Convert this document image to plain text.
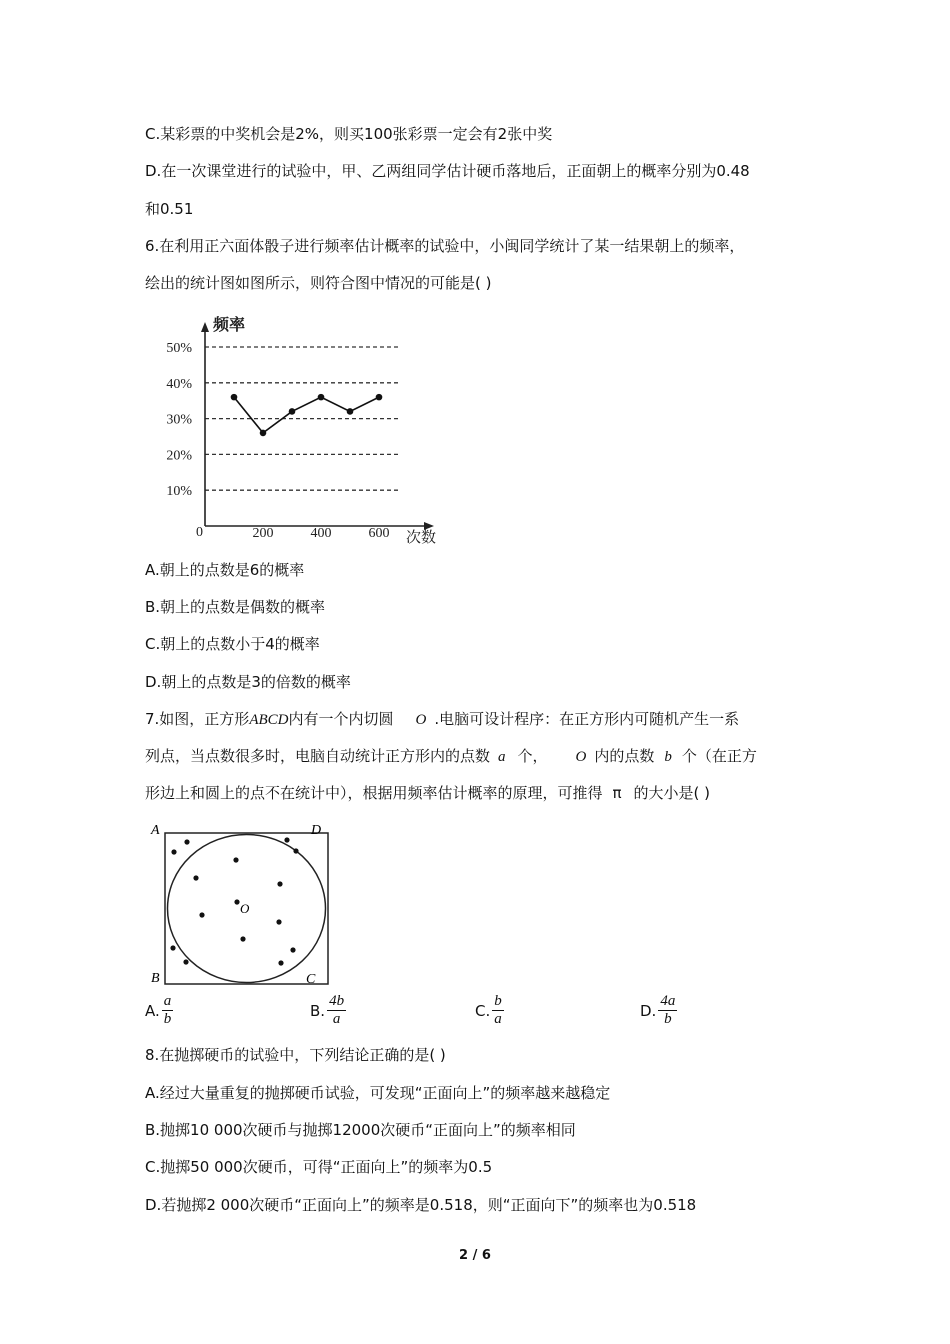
C.某彩票的中奖机会是2%，则买100张彩票一定会有2张中奖
D.在一次课堂进行的试验中，甲、乙两组同学估计硬币落地后，正面朝上的概率分别为0.48
和0.51
6.在利用正六面体骰子进行频率估计概率的试验中，小闽同学统计了某一结果朝上的频率，
绘出的统计图如图所示，则符合图中情况的可能是( )
频率
次数
0
10%
20%
30%
40%
50%
200	400	600
A.朝上的点数是6的概率
B.朝上的点数是偶数的概率
C.朝上的点数小于4的概率
D.朝上的点数是3的倍数的概率
7.如图，正方形ABCD内有一个内切圆 O .电脑可设计程序：在正方形内可随机产生一系
列点，当点数很多时，电脑自动统计正方形内的点数 a 个， O 内的点数 b 个（在正方
形边上和圆上的点不在统计中），根据用频率估计概率的原理，可推得 π 的大小是( )
A	D
B	C
O
A. $\frac{a}{b}$	B. $\frac{4b}{a}$	C. $\frac{b}{a}$	D. $\frac{4a}{b}$
8.在抛掷硬币的试验中，下列结论正确的是( )
A.经过大量重复的抛掷硬币试验，可发现“正面向上”的频率越来越稳定
B.抛掷10 000次硬币与抛掷12000次硬币“正面向上”的频率相同
C.抛掷50 000次硬币，可得“正面向上”的频率为0.5
D.若抛掷2 000次硬币“正面向上”的频率是0.518，则“正面向下”的频率也为0.518
2 / 6
